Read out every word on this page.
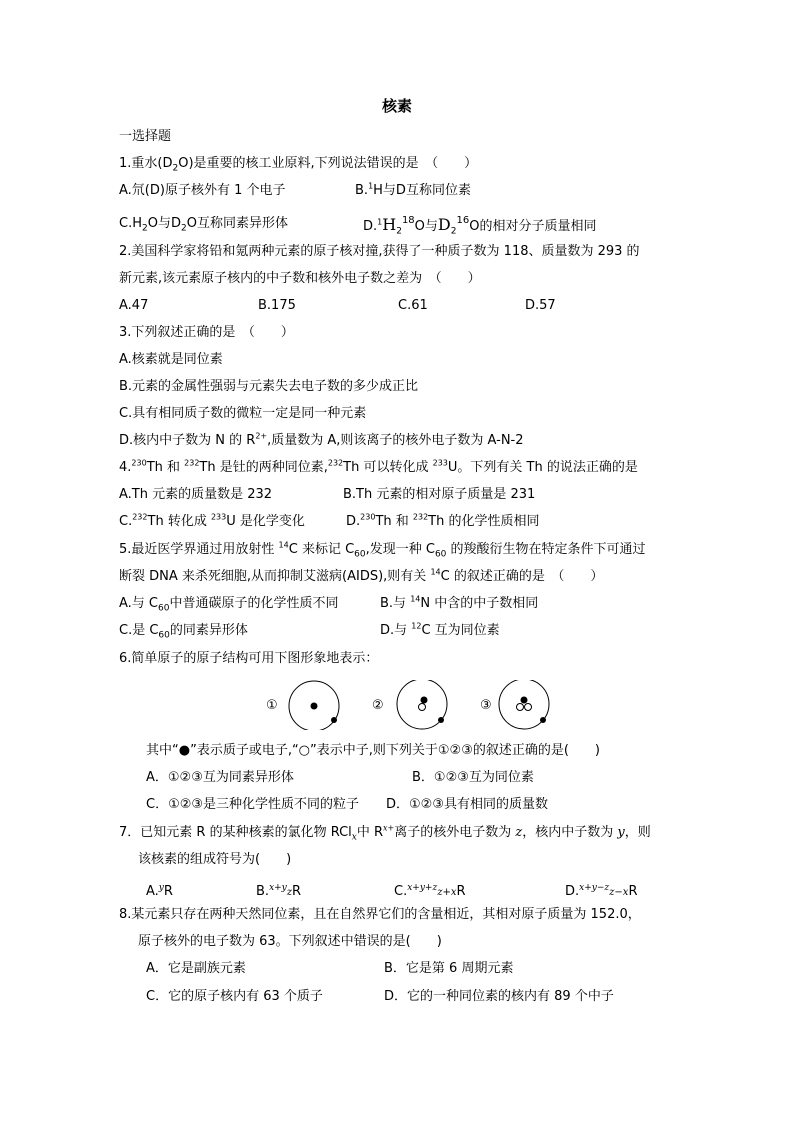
核素
一选择题
1.重水$(D_2O)$是重要的核工业原料,下列说法错误的是　（　　）
A.氘(D)原子核外有 1 个电子	B.$^1$H与D互称同位素
$C.H_2O$与$D_2O$互称同素异形体	$D.^1H_2^{18}O$与$D_2^{16}O$的相对分子质量相同
2.美国科学家将铅和氪两种元素的原子核对撞,获得了一种质子数为 118、质量数为 293 的
新元素,该元素原子核内的中子数和核外电子数之差为　（　　）
A.47	B.175	C.61	D.57
3.下列叙述正确的是　（　　）
A.核素就是同位素
B.元素的金属性强弱与元素失去电子数的多少成正比
C.具有相同质子数的微粒一定是同一种元素
D.核内中子数为 N 的 $R^{2+}$,质量数为 A,则该离子的核外电子数为 A-N-2
4.$^{230}$Th 和 $^{232}$Th 是钍的两种同位素,$^{232}$Th 可以转化成 $^{233}$U。下列有关 Th 的说法正确的是
A.Th 元素的质量数是 232	B.Th 元素的相对原子质量是 231
C.$^{232}$Th 转化成 $^{233}$U 是化学变化	D.$^{230}$Th 和 $^{232}$Th 的化学性质相同
5.最近医学界通过用放射性 $^{14}$C 来标记 $C_{60}$,发现一种 $C_{60}$ 的羧酸衍生物在特定条件下可通过
断裂 DNA 来杀死细胞,从而抑制艾滋病(AIDS),则有关 $^{14}$C 的叙述正确的是　（　　）
A.与 $C_{60}$中普通碳原子的化学性质不同	B.与 $^{14}$N 中含的中子数相同
C.是 $C_{60}$的同素异形体	D.与 $^{12}$C 互为同位素
6.简单原子的原子结构可用下图形象地表示：
①	②	③
其中“●”表示质子或电子,“○”表示中子,则下列关于①②③的叙述正确的是(　　)
A．①②③互为同素异形体	B．①②③互为同位素
C．①②③是三种化学性质不同的粒子 D．①②③具有相同的质量数
7．已知元素 R 的某种核素的氯化物 RCl$_x$中 $R^{x+}$离子的核外电子数为 z，核内中子数为 y，则
该核素的组成符号为(　　)
A.$^y$R	B.$^{x+y}$zR	C.$^{x+y+z}$z+xR	D.$^{x+y-z}$z−xR
8.某元素只存在两种天然同位素，且在自然界它们的含量相近，其相对原子质量为 152.0，
原子核外的电子数为 63。下列叙述中错误的是(　　)
A．它是副族元素	B．它是第 6 周期元素
C．它的原子核内有 63 个质子	D．它的一种同位素的核内有 89 个中子
